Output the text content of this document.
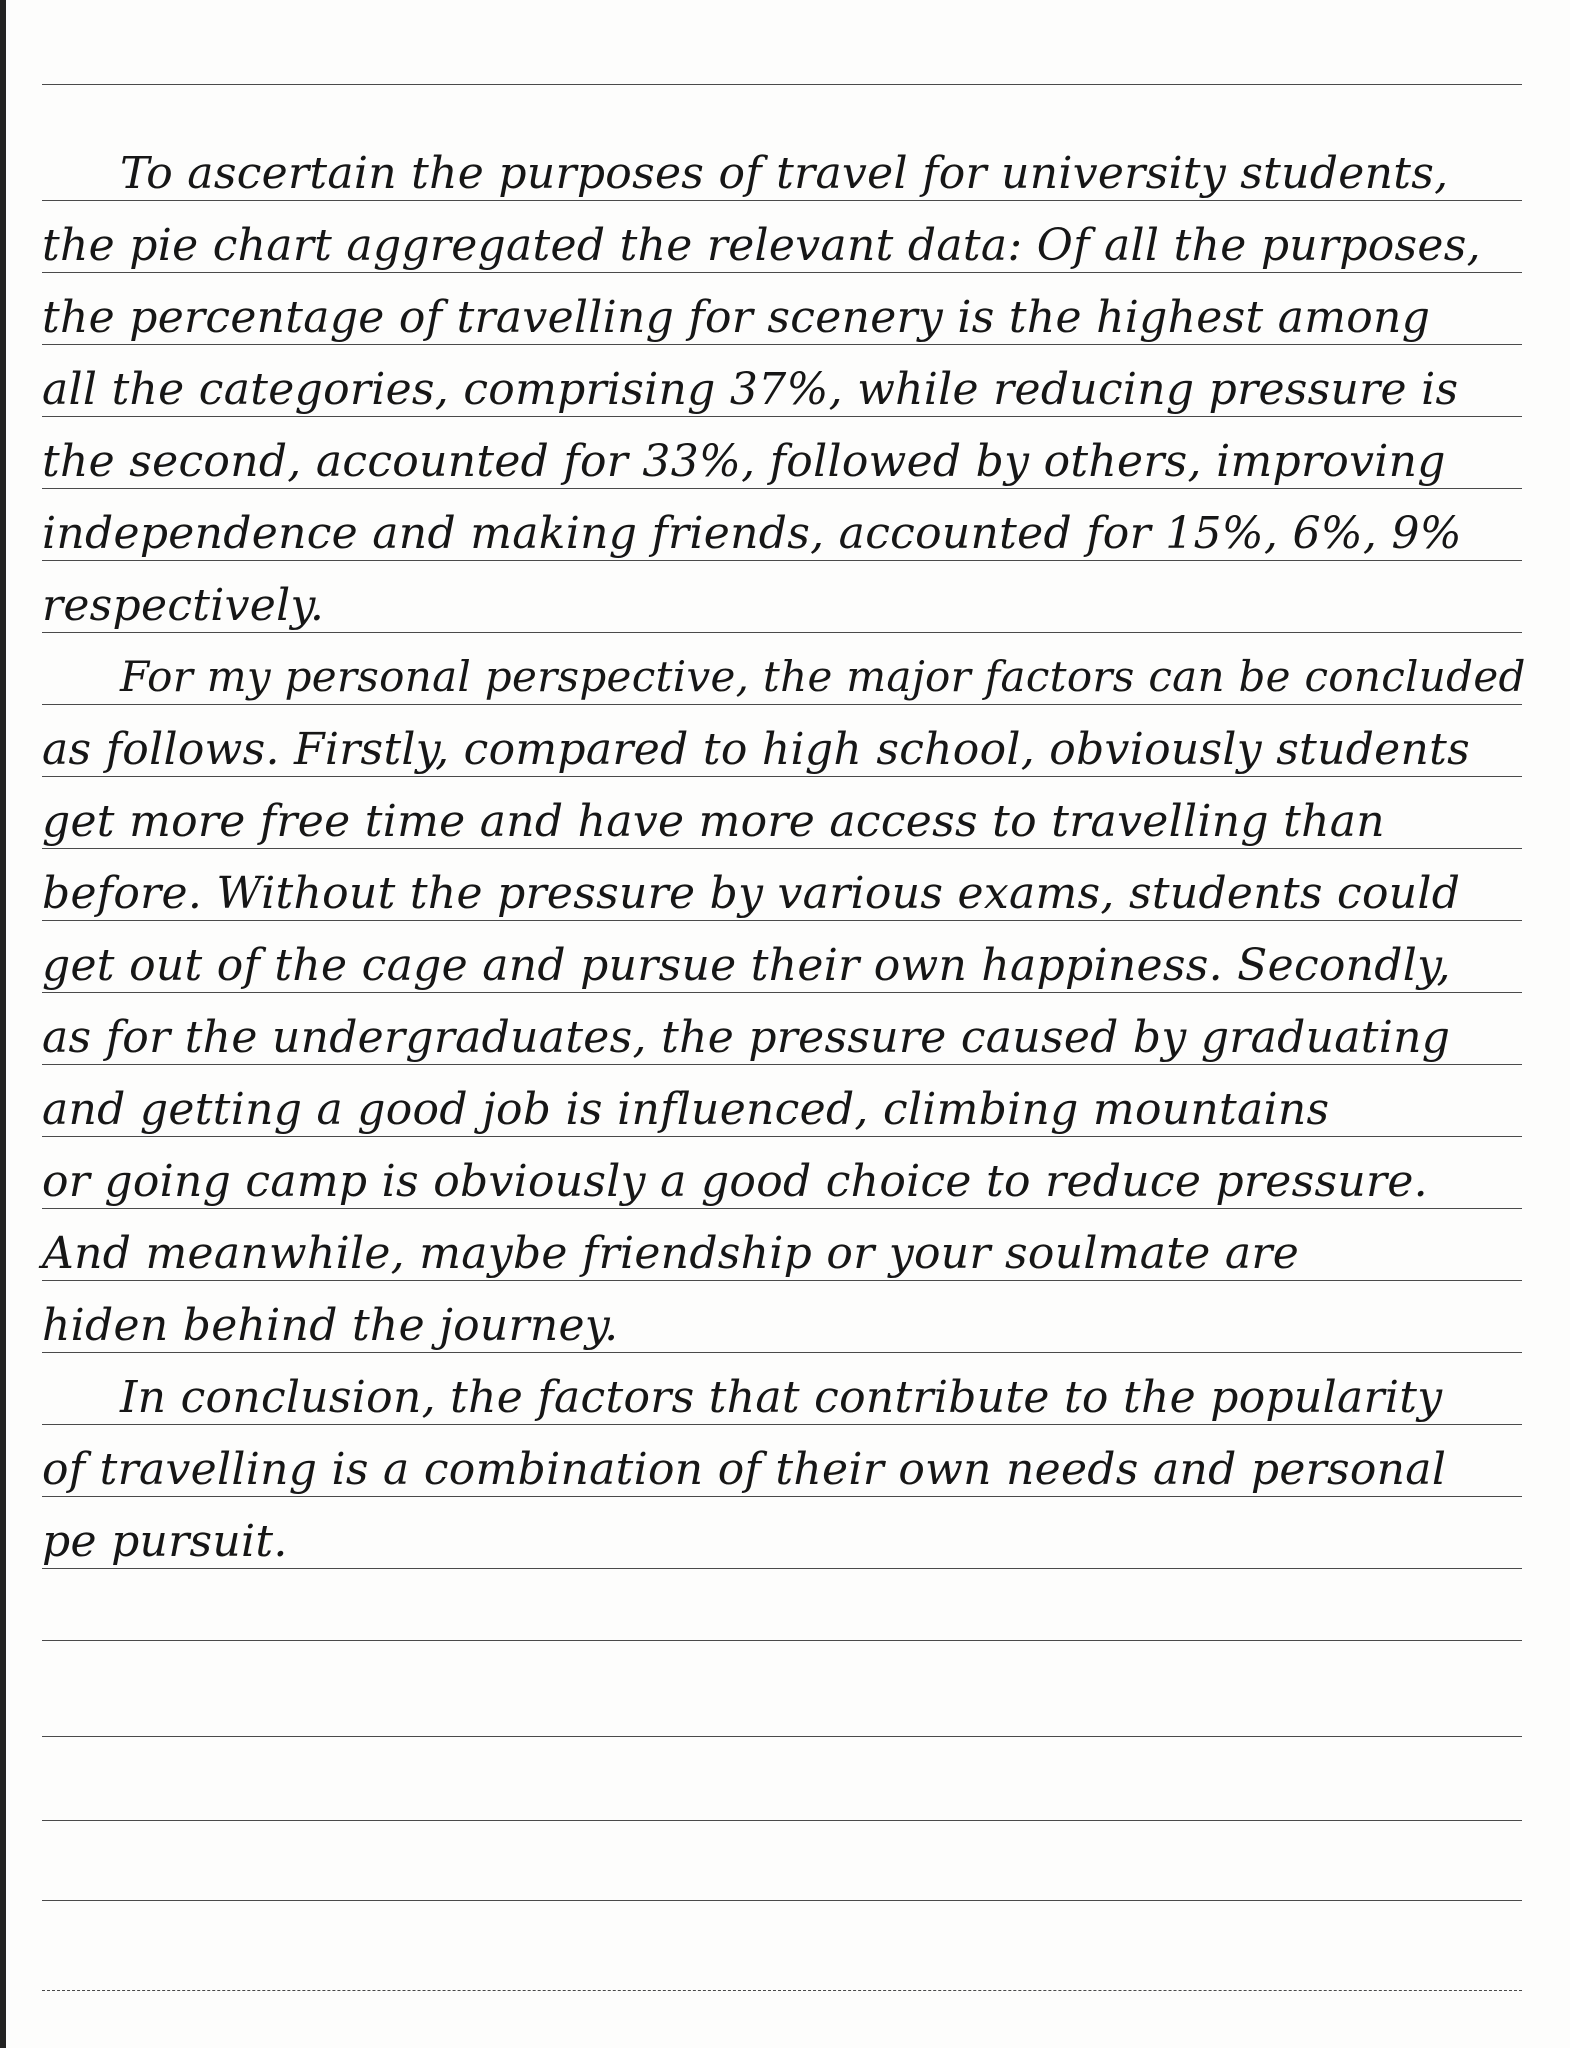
To ascertain the purposes of travel for university students,
the pie chart aggregated the relevant data: Of all the purposes,
the percentage of travelling for scenery is the highest among
all the categories, comprising 37%, while reducing pressure is
the second, accounted for 33%, followed by others, improving
independence and making friends, accounted for 15%, 6%, 9%
respectively.
For my personal perspective, the major factors can be concluded
as follows. Firstly, compared to high school, obviously students
get more free time and have more access to travelling than
before. Without the pressure by various exams, students could
get out of the cage and pursue their own happiness. Secondly,
as for the undergraduates, the pressure caused by graduating
and getting a good job is influenced, climbing mountains
or going camp is obviously a good choice to reduce pressure.
And meanwhile, maybe friendship or your soulmate are
hiden behind the journey.
In conclusion, the factors that contribute to the popularity
of travelling is a combination of their own needs and personal
pe pursuit.
